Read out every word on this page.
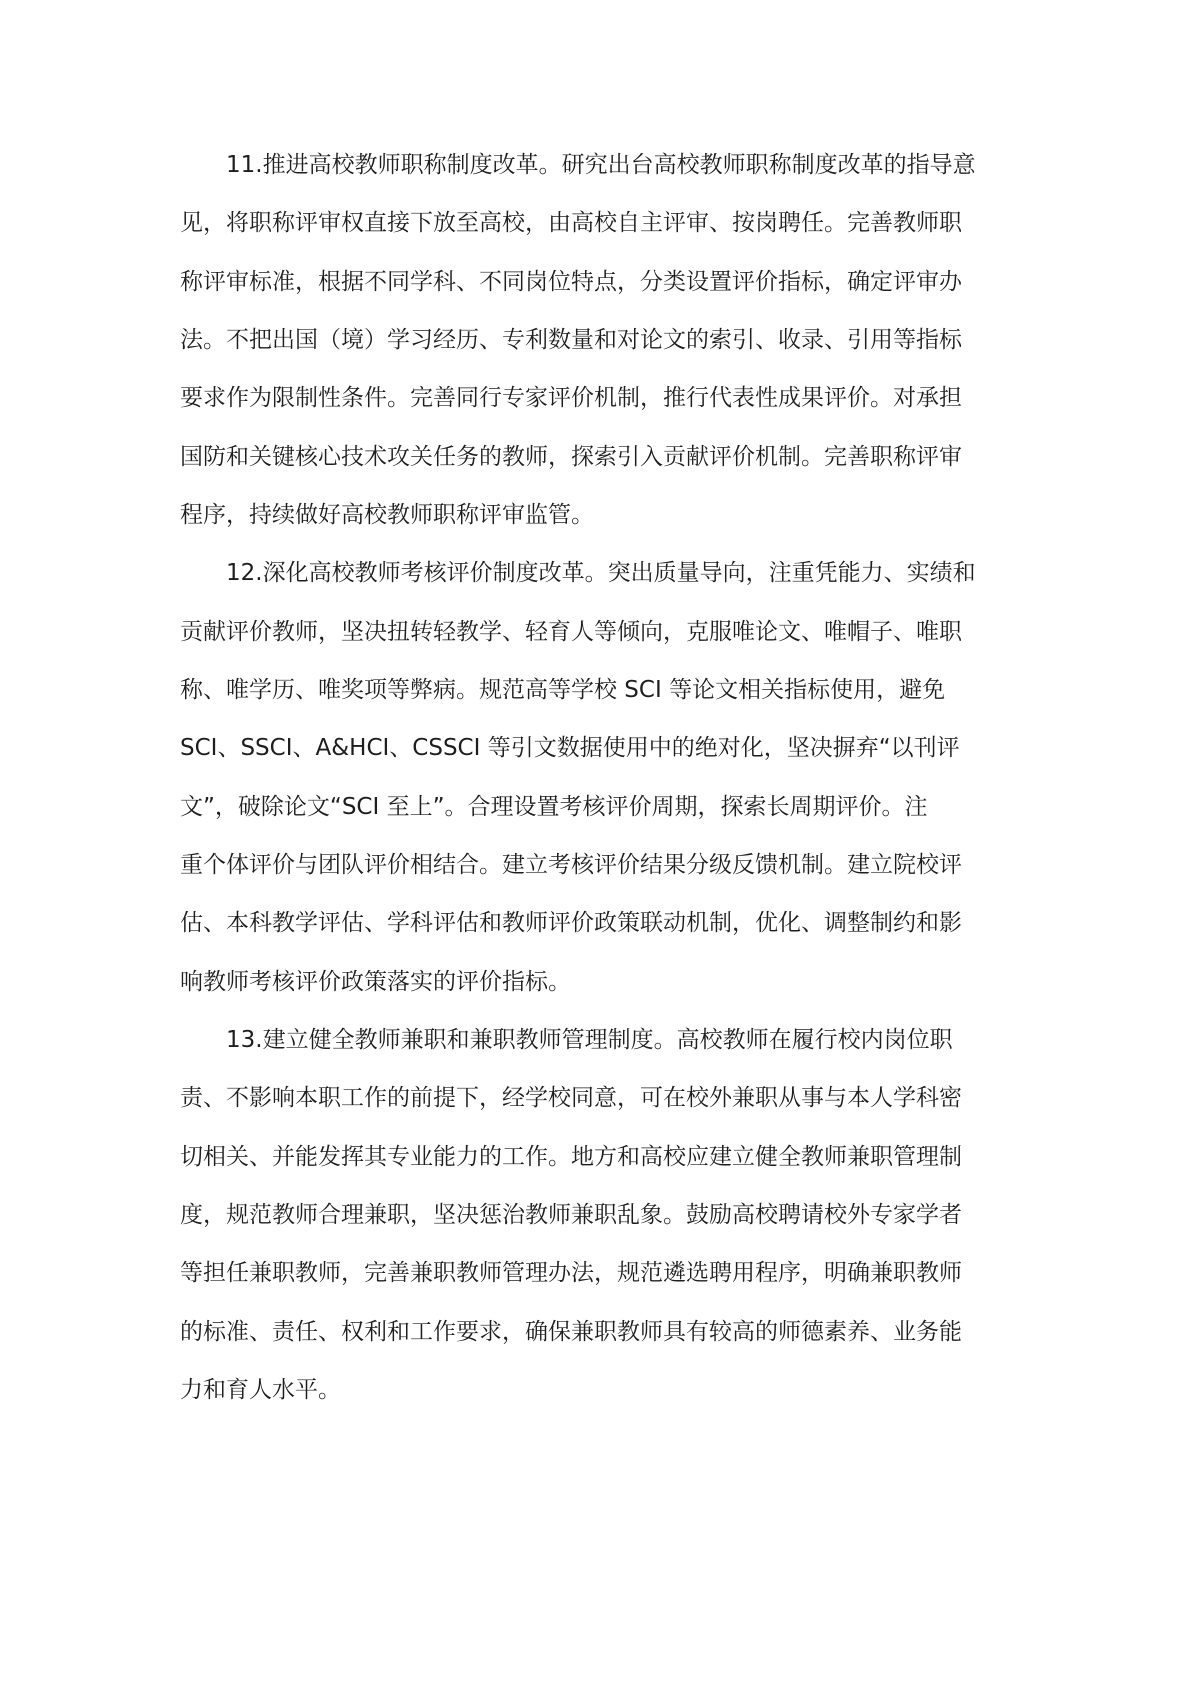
11.推进高校教师职称制度改革。研究出台高校教师职称制度改革的指导意
见，将职称评审权直接下放至高校，由高校自主评审、按岗聘任。完善教师职
称评审标准，根据不同学科、不同岗位特点，分类设置评价指标，确定评审办
法。不把出国（境）学习经历、专利数量和对论文的索引、收录、引用等指标
要求作为限制性条件。完善同行专家评价机制，推行代表性成果评价。对承担
国防和关键核心技术攻关任务的教师，探索引入贡献评价机制。完善职称评审
程序，持续做好高校教师职称评审监管。
12.深化高校教师考核评价制度改革。突出质量导向，注重凭能力、实绩和
贡献评价教师，坚决扭转轻教学、轻育人等倾向，克服唯论文、唯帽子、唯职
称、唯学历、唯奖项等弊病。规范高等学校 SCI 等论文相关指标使用，避免
SCI、SSCI、A&HCI、CSSCI 等引文数据使用中的绝对化，坚决摒弃“以刊评
文”，破除论文“SCI 至上”。合理设置考核评价周期，探索长周期评价。注
重个体评价与团队评价相结合。建立考核评价结果分级反馈机制。建立院校评
估、本科教学评估、学科评估和教师评价政策联动机制，优化、调整制约和影
响教师考核评价政策落实的评价指标。
13.建立健全教师兼职和兼职教师管理制度。高校教师在履行校内岗位职
责、不影响本职工作的前提下，经学校同意，可在校外兼职从事与本人学科密
切相关、并能发挥其专业能力的工作。地方和高校应建立健全教师兼职管理制
度，规范教师合理兼职，坚决惩治教师兼职乱象。鼓励高校聘请校外专家学者
等担任兼职教师，完善兼职教师管理办法，规范遴选聘用程序，明确兼职教师
的标准、责任、权利和工作要求，确保兼职教师具有较高的师德素养、业务能
力和育人水平。
